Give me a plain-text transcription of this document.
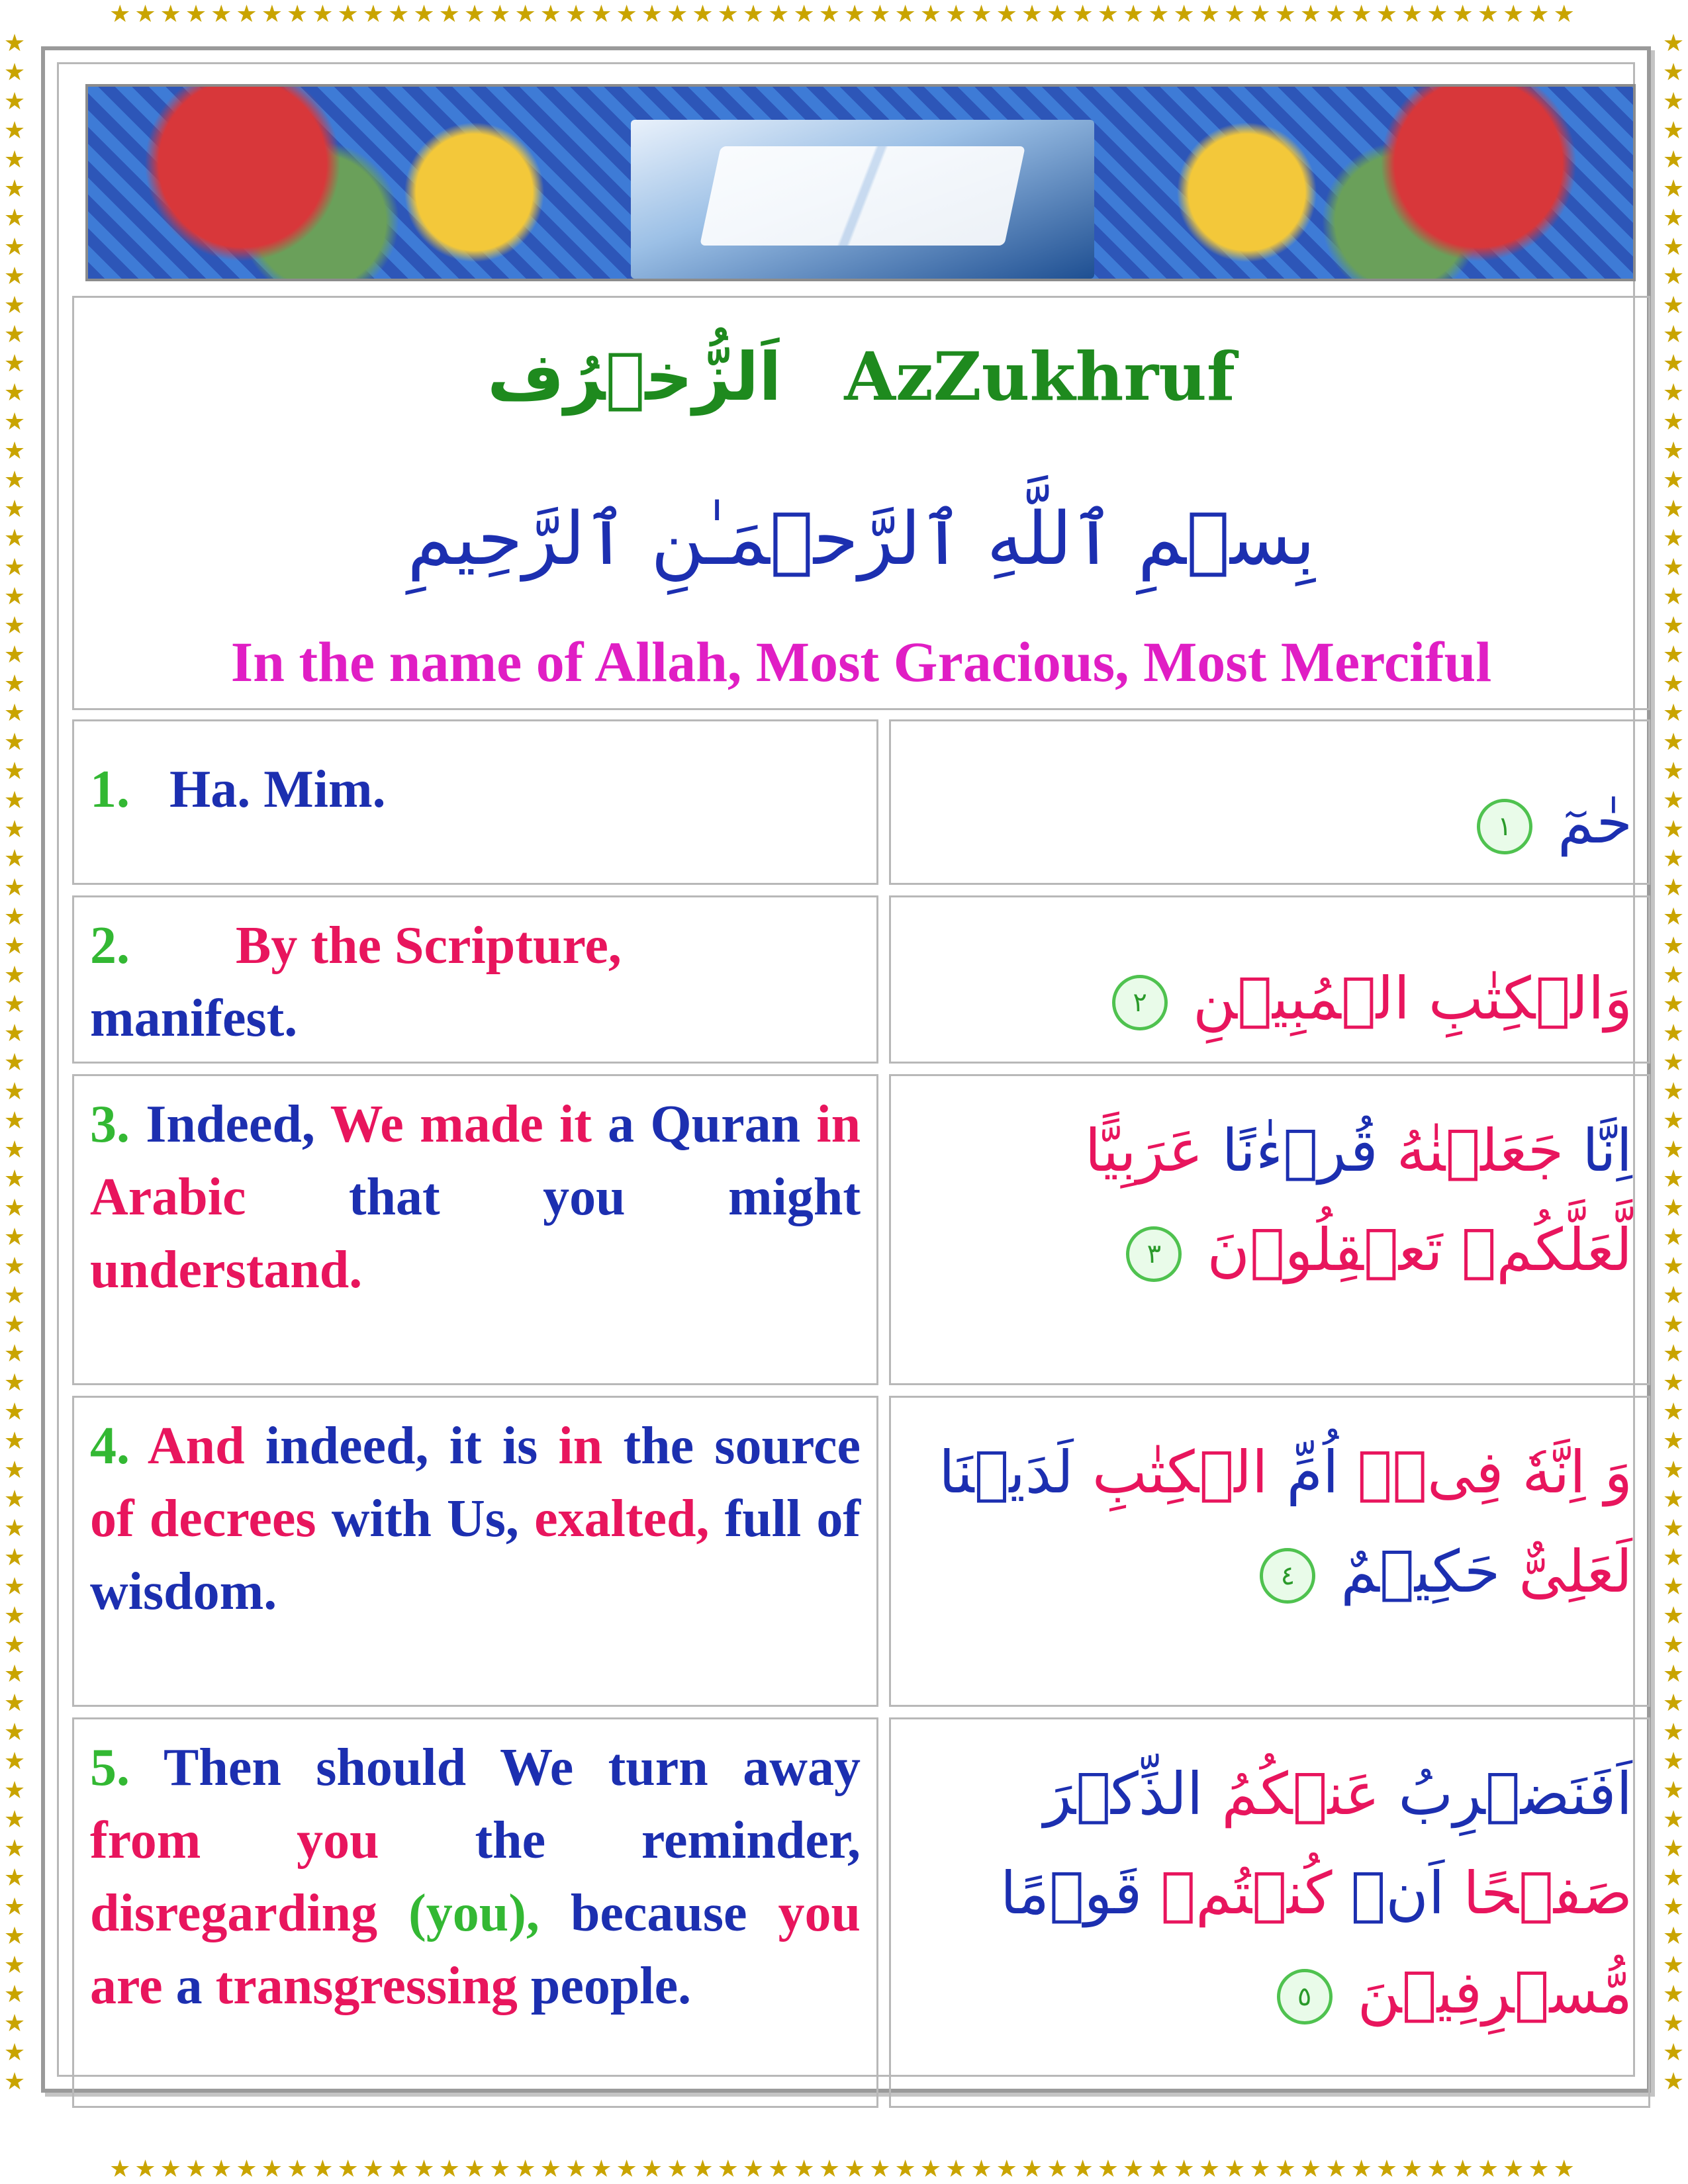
★★★★★★★★★★★★★★★★★★★★★★★★★★★★★★★★★★★★★★★★★★★★★★★★★★★★★★★★★★
★★★★★★★★★★★★★★★★★★★★★★★★★★★★★★★★★★★★★★★★★★★★★★★★★★★★★★★★★★
★★★★★★★★★★★★★★★★★★★★★★★★★★★★★★★★★★★★★★★★★★★★★★★★★★★★★★★★★★★★★★★★★★★★★★★
★★★★★★★★★★★★★★★★★★★★★★★★★★★★★★★★★★★★★★★★★★★★★★★★★★★★★★★★★★★★★★★★★★★★★★★
اَلزُّخۡرُف AzZukhruf
بِسۡمِ ٱللَّهِ ٱلرَّحۡمَـٰنِ ٱلرَّحِيمِ
In the name of Allah, Most Gracious, Most Merciful
1. Ha. Mim.	حٰمٓ ١
2. By the Scripture,
manifest.	وَالۡكِتٰبِ الۡمُبِيۡنِ ٢
3. Indeed, We made it a Quran in Arabic that you might understand.
اِنَّا جَعَلۡنٰهُ قُرۡءٰنًا عَرَبِيًّا لَّعَلَّكُمۡ تَعۡقِلُوۡنَ ٣
4. And indeed, it is in the source of decrees with Us, exalted, full of wisdom.
وَ اِنَّهٗ فِىۡۤ اُمِّ الۡكِتٰبِ لَدَيۡنَا لَعَلِىٌّ حَكِيۡمٌ ٤
5. Then should We turn away from you the reminder, disregarding (you), because you are a transgressing people.
اَفَنَضۡرِبُ عَنۡكُمُ الذِّكۡرَ صَفۡحًا اَنۡ كُنۡتُمۡ قَوۡمًا مُّسۡرِفِيۡنَ ٥
